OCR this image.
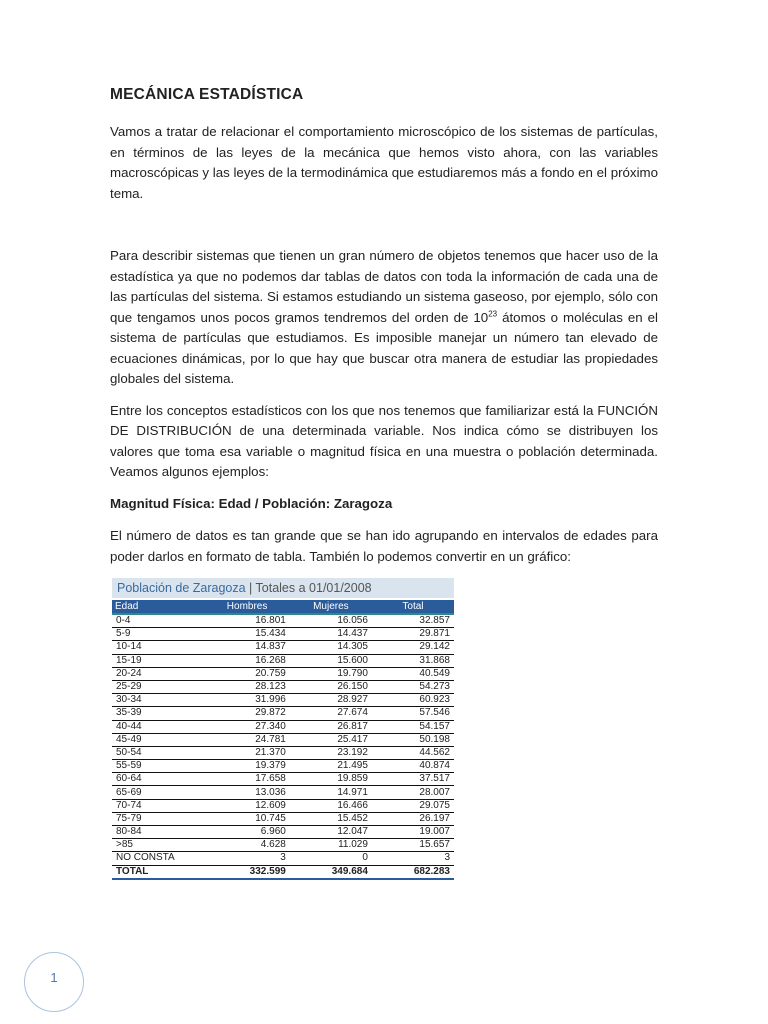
MECÁNICA ESTADÍSTICA

Vamos a tratar de relacionar el comportamiento microscópico de los sistemas de partículas, en términos de las leyes de la mecánica que hemos visto ahora, con las variables macroscópicas y las leyes de la termodinámica que estudiaremos más a fondo en el próximo tema.

Para describir sistemas que tienen un gran número de objetos tenemos que hacer uso de la estadística ya que no podemos dar tablas de datos con toda la información de cada una de las partículas del sistema. Si estamos estudiando un sistema gaseoso, por ejemplo, sólo con que tengamos unos pocos gramos tendremos del orden de $10^{23}$ átomos o moléculas en el sistema de partículas que estudiamos. Es imposible manejar un número tan elevado de ecuaciones dinámicas, por lo que hay que buscar otra manera de estudiar las propiedades globales del sistema.

Entre los conceptos estadísticos con los que nos tenemos que familiarizar está la FUNCIÓN DE DISTRIBUCIÓN de una determinada variable. Nos indica cómo se distribuyen los valores que toma esa variable o magnitud física en una muestra o población determinada. Veamos algunos ejemplos:

Magnitud Física: Edad / Población: Zaragoza

El número de datos es tan grande que se han ido agrupando en intervalos de edades para poder darlos en formato de tabla. También lo podemos convertir en un gráfico:

Población de Zaragoza | Totales a 01/01/2008
Edad	Hombres	Mujeres	Total
0-4	16.801	16.056	32.857
5-9	15.434	14.437	29.871
10-14	14.837	14.305	29.142
15-19	16.268	15.600	31.868
20-24	20.759	19.790	40.549
25-29	28.123	26.150	54.273
30-34	31.996	28.927	60.923
35-39	29.872	27.674	57.546
40-44	27.340	26.817	54.157
45-49	24.781	25.417	50.198
50-54	21.370	23.192	44.562
55-59	19.379	21.495	40.874
60-64	17.658	19.859	37.517
65-69	13.036	14.971	28.007
70-74	12.609	16.466	29.075
75-79	10.745	15.452	26.197
80-84	6.960	12.047	19.007
>85	4.628	11.029	15.657
NO CONSTA	3	0	3
TOTAL	332.599	349.684	682.283
1
